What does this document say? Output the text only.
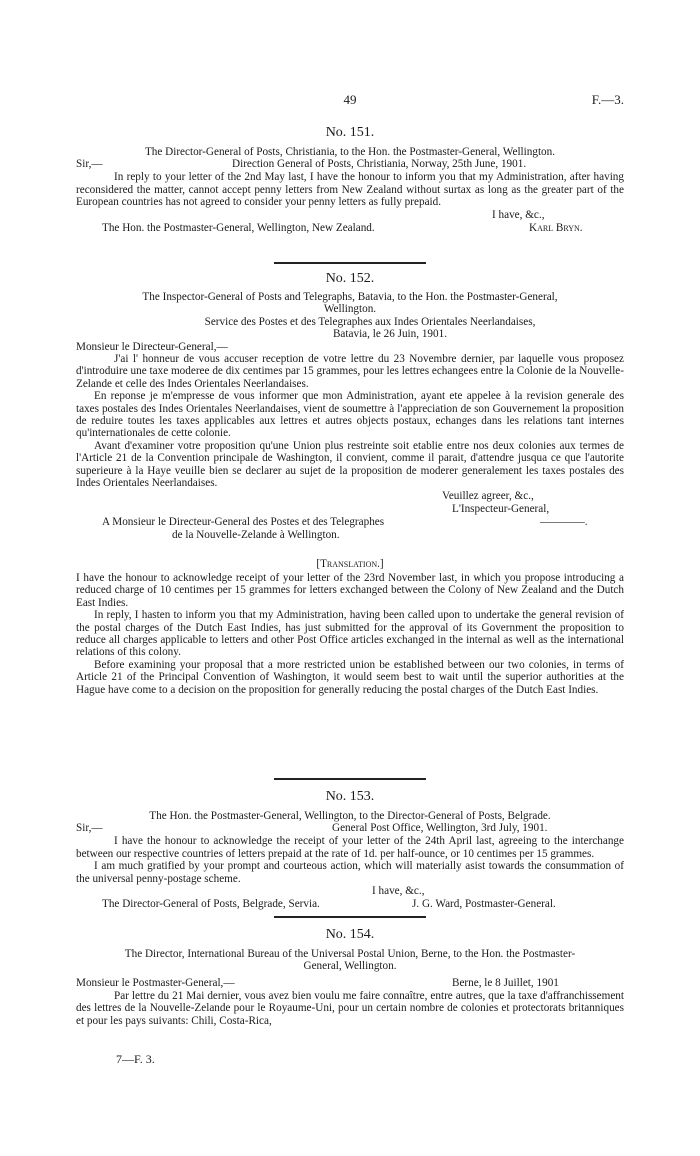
49	F.—3.
No. 151.
The Director-General of Posts, Christiania, to the Hon. the Postmaster-General, Wellington.
Sir,—	Direction General of Posts, Christiania, Norway, 25th June, 1901.

In reply to your letter of the 2nd May last, I have the honour to inform you that my Administration, after having reconsidered the matter, cannot accept penny letters from New Zealand without surtax as long as the greater part of the European countries has not agreed to consider your penny letters as fully prepaid.

I have, &c.,
The Hon. the Postmaster-General, Wellington, New Zealand.	Karl Bryn.
No. 152.
The Inspector-General of Posts and Telegraphs, Batavia, to the Hon. the Postmaster-General, Wellington.
Service des Postes et des Telegraphes aux Indes Orientales Neerlandaises,
Batavia, le 26 Juin, 1901.
Monsieur le Directeur-General,—

J'ai l' honneur de vous accuser reception de votre lettre du 23 Novembre dernier, par laquelle vous proposez d'introduire une taxe moderee de dix centimes par 15 grammes, pour les lettres echangees entre la Colonie de la Nouvelle-Zelande et celle des Indes Orientales Neerlandaises.

En reponse je m'empresse de vous informer que mon Administration, ayant ete appelee à la revision generale des taxes postales des Indes Orientales Neerlandaises, vient de soumettre à l'appreciation de son Gouvernement la proposition de reduire toutes les taxes applicables aux lettres et autres objects postaux, echanges dans les relations tant internes qu'internationales de cette colonie.

Avant d'examiner votre proposition qu'une Union plus restreinte soit etablie entre nos deux colonies aux termes de l'Article 21 de la Convention principale de Washington, il convient, comme il parait, d'attendre jusqua ce que l'autorite superieure à la Haye veuille bien se declarer au sujet de la proposition de moderer generalement les taxes postales des Indes Orientales Neerlandaises.

Veuillez agreer, &c.,
L'Inspecteur-General,
A Monsieur le Directeur-General des Postes et des Telegraphes	————.
de la Nouvelle-Zelande à Wellington.
[Translation.]

I have the honour to acknowledge receipt of your letter of the 23rd November last, in which you propose introducing a reduced charge of 10 centimes per 15 grammes for letters exchanged between the Colony of New Zealand and the Dutch East Indies.

In reply, I hasten to inform you that my Administration, having been called upon to undertake the general revision of the postal charges of the Dutch East Indies, has just submitted for the approval of its Government the proposition to reduce all charges applicable to letters and other Post Office articles exchanged in the internal as well as the international relations of this colony.

Before examining your proposal that a more restricted union be established between our two colonies, in terms of Article 21 of the Principal Convention of Washington, it would seem best to wait until the superior authorities at the Hague have come to a decision on the proposition for generally reducing the postal charges of the Dutch East Indies.

No. 153.
The Hon. the Postmaster-General, Wellington, to the Director-General of Posts, Belgrade.
Sir,—	General Post Office, Wellington, 3rd July, 1901.

I have the honour to acknowledge the receipt of your letter of the 24th April last, agreeing to the interchange between our respective countries of letters prepaid at the rate of 1d. per half-ounce, or 10 centimes per 15 grammes.

I am much gratified by your prompt and courteous action, which will materially asist towards the consummation of the universal penny-postage scheme.

I have, &c.,
The Director-General of Posts, Belgrade, Servia.	J. G. Ward, Postmaster-General.
No. 154.
The Director, International Bureau of the Universal Postal Union, Berne, to the Hon. the Postmaster-General, Wellington.
Monsieur le Postmaster-General,—	Berne, le 8 Juillet, 1901

Par lettre du 21 Mai dernier, vous avez bien voulu me faire connaître, entre autres, que la taxe d'affranchissement des lettres de la Nouvelle-Zelande pour le Royaume-Uni, pour un certain nombre de colonies et protectorats britanniques et pour les pays suivants: Chili, Costa-Rica,

7—F. 3.
